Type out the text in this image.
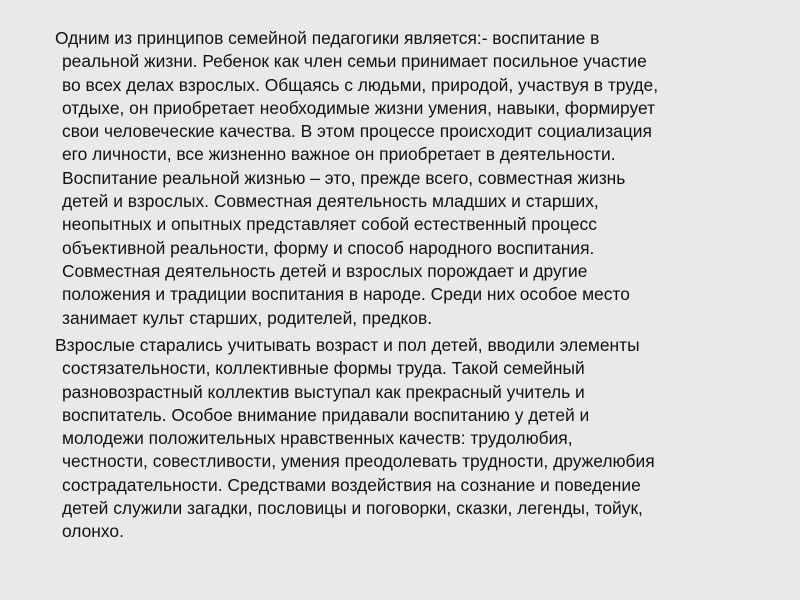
Одним из принципов семейной педагогики является:- воспитание в
реальной жизни. Ребенок как член семьи принимает посильное участие
во всех делах взрослых. Общаясь с людьми, природой, участвуя в труде,
отдыхе, он приобретает необходимые жизни умения, навыки, формирует
свои человеческие качества. В этом процессе происходит социализация
его личности, все жизненно важное он приобретает в деятельности.
Воспитание реальной жизнью – это, прежде всего, совместная жизнь
детей и взрослых. Совместная деятельность младших и старших,
неопытных и опытных представляет собой естественный процесс
объективной реальности, форму и способ народного воспитания.
Совместная деятельность детей и взрослых порождает и другие
положения и традиции воспитания в народе. Среди них особое место
занимает культ старших, родителей, предков.
Взрослые старались учитывать возраст и пол детей, вводили элементы
состязательности, коллективные формы труда. Такой семейный
разновозрастный коллектив выступал как прекрасный учитель и
воспитатель. Особое внимание придавали воспитанию у детей и
молодежи положительных нравственных качеств: трудолюбия,
честности, совестливости, умения преодолевать трудности, дружелюбия
сострадательности. Средствами воздействия на сознание и поведение
детей служили загадки, пословицы и поговорки, сказки, легенды, тойук,
олонхо.
